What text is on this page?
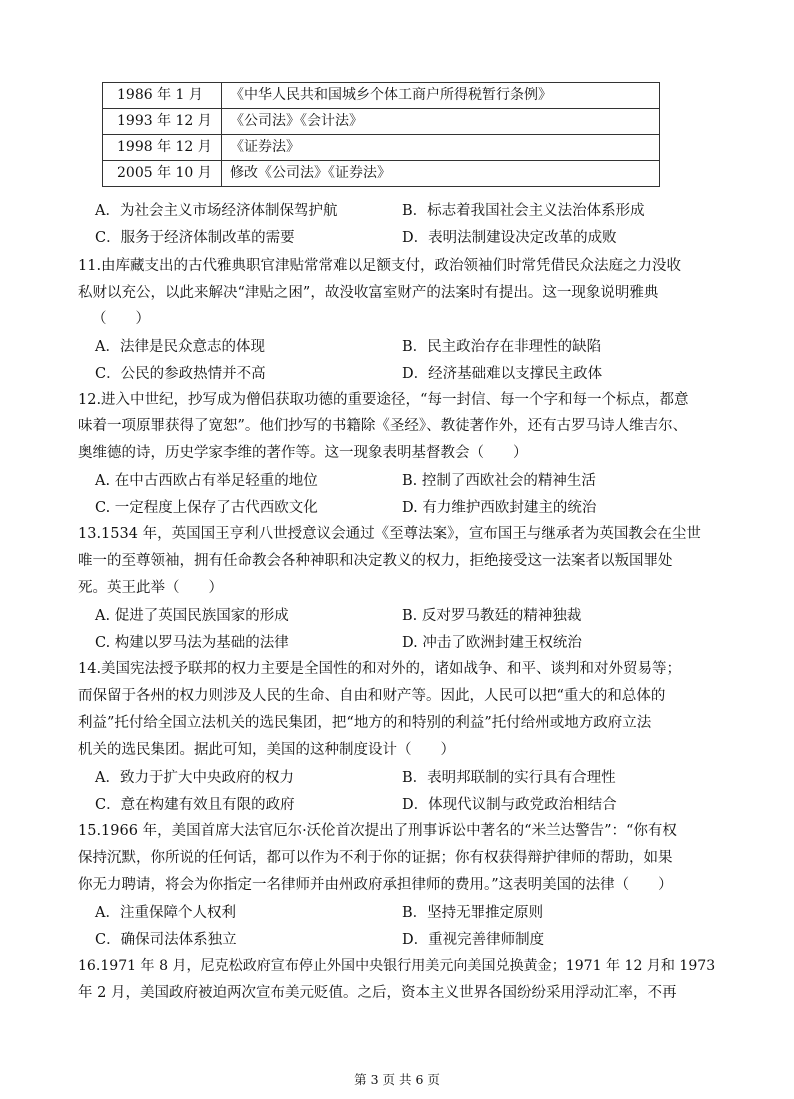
1986 年 1 月	《中华人民共和国城乡个体工商户所得税暂行条例》
1993 年 12 月	《公司法》《会计法》
1998 年 12 月	《证券法》
2005 年 10 月	修改《公司法》《证券法》
A．为社会主义市场经济体制保驾护航	B．标志着我国社会主义法治体系形成
C．服务于经济体制改革的需要	D．表明法制建设决定改革的成败
11.由库藏支出的古代雅典职官津贴常常难以足额支付，政治领袖们时常凭借民众法庭之力没收
私财以充公，以此来解决“津贴之困”，故没收富室财产的法案时有提出。这一现象说明雅典
（　　）
A．法律是民众意志的体现	B．民主政治存在非理性的缺陷
C．公民的参政热情并不高	D．经济基础难以支撑民主政体
12.进入中世纪，抄写成为僧侣获取功德的重要途径，“每一封信、每一个字和每一个标点，都意
味着一项原罪获得了宽恕”。他们抄写的书籍除《圣经》、教徒著作外，还有古罗马诗人维吉尔、
奥维德的诗，历史学家李维的著作等。这一现象表明基督教会（　　）
A. 在中古西欧占有举足轻重的地位	B. 控制了西欧社会的精神生活
C. 一定程度上保存了古代西欧文化	D. 有力维护西欧封建主的统治
13.1534 年，英国国王亨利八世授意议会通过《至尊法案》，宣布国王与继承者为英国教会在尘世
唯一的至尊领袖，拥有任命教会各种神职和决定教义的权力，拒绝接受这一法案者以叛国罪处
死。英王此举（　　）
A. 促进了英国民族国家的形成	B. 反对罗马教廷的精神独裁
C. 构建以罗马法为基础的法律	D. 冲击了欧洲封建王权统治
14.美国宪法授予联邦的权力主要是全国性的和对外的，诸如战争、和平、谈判和对外贸易等；
而保留于各州的权力则涉及人民的生命、自由和财产等。因此，人民可以把“重大的和总体的
利益”托付给全国立法机关的选民集团，把“地方的和特别的利益”托付给州或地方政府立法
机关的选民集团。据此可知，美国的这种制度设计（　　）
A．致力于扩大中央政府的权力	B．表明邦联制的实行具有合理性
C．意在构建有效且有限的政府	D．体现代议制与政党政治相结合
15.1966 年，美国首席大法官厄尔·沃伦首次提出了刑事诉讼中著名的“米兰达警告”：“你有权
保持沉默，你所说的任何话，都可以作为不利于你的证据；你有权获得辩护律师的帮助，如果
你无力聘请，将会为你指定一名律师并由州政府承担律师的费用。”这表明美国的法律（　　）
A．注重保障个人权利	B．坚持无罪推定原则
C．确保司法体系独立	D．重视完善律师制度
16.1971 年 8 月，尼克松政府宣布停止外国中央银行用美元向美国兑换黄金；1971 年 12 月和 1973
年 2 月，美国政府被迫两次宣布美元贬值。之后，资本主义世界各国纷纷采用浮动汇率，不再
第 3 页 共 6 页
